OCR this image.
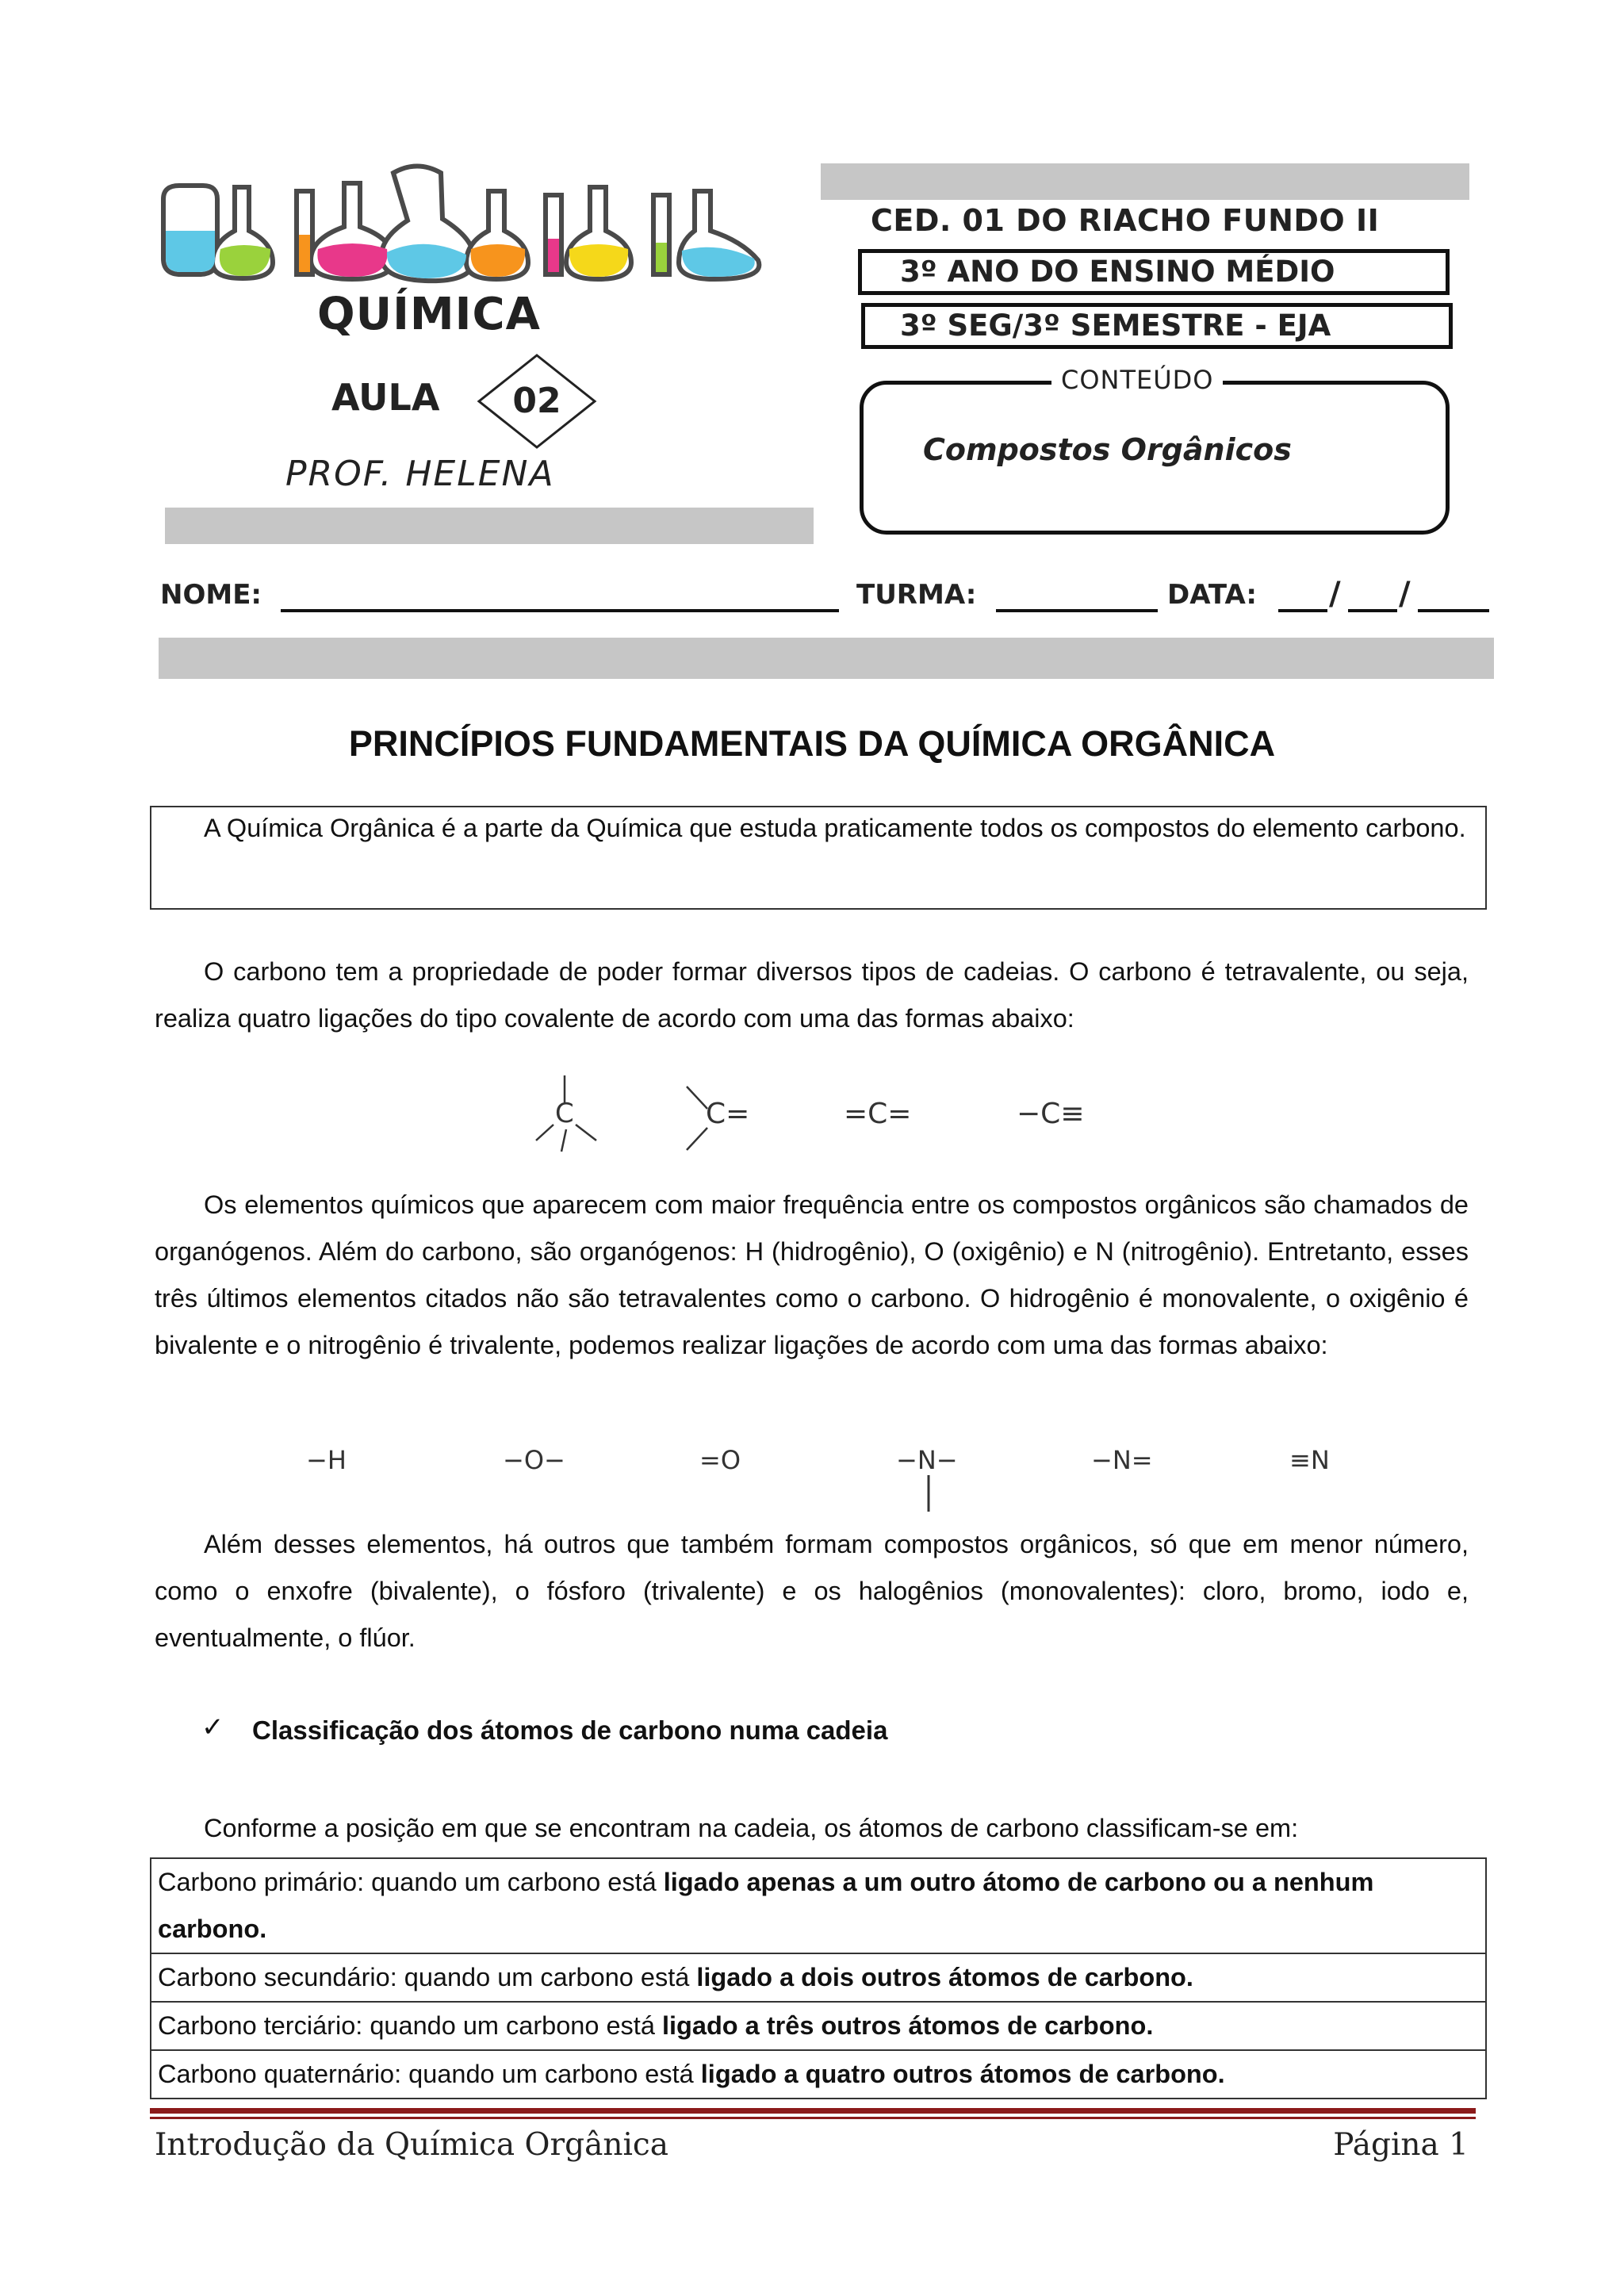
QUÍMICA
AULA	02
PROF. HELENA
CED. 01 DO RIACHO FUNDO II
3º ANO DO ENSINO MÉDIO
3º SEG/3º SEMESTRE - EJA
CONTEÚDO
Compostos Orgânicos
NOME:	TURMA:	DATA: / /
PRINCÍPIOS FUNDAMENTAIS DA QUÍMICA ORGÂNICA
A Química Orgânica é a parte da Química que estuda praticamente todos os compostos do elemento carbono.
O carbono tem a propriedade de poder formar diversos tipos de cadeias. O carbono é tetravalente, ou seja, realiza quatro ligações do tipo covalente de acordo com uma das formas abaixo:
C	C=	=C=	−C≡
Os elementos químicos que aparecem com maior frequência entre os compostos orgânicos são chamados de organógenos. Além do carbono, são organógenos: H (hidrogênio), O (oxigênio) e N (nitrogênio). Entretanto, esses três últimos elementos citados não são tetravalentes como o carbono. O hidrogênio é monovalente, o oxigênio é bivalente e o nitrogênio é trivalente, podemos realizar ligações de acordo com uma das formas abaixo:
−H	−O−	=O	−N−	−N=	≡N
Além desses elementos, há outros que também formam compostos orgânicos, só que em menor número, como o enxofre (bivalente), o fósforo (trivalente) e os halogênios (monovalentes): cloro, bromo, iodo e, eventualmente, o flúor.
✓ Classificação dos átomos de carbono numa cadeia
Conforme a posição em que se encontram na cadeia, os átomos de carbono classificam-se em:
Carbono primário: quando um carbono está ligado apenas a um outro átomo de carbono ou a nenhum carbono.
Carbono secundário: quando um carbono está ligado a dois outros átomos de carbono.
Carbono terciário: quando um carbono está ligado a três outros átomos de carbono.
Carbono quaternário: quando um carbono está ligado a quatro outros átomos de carbono.
Introdução da Química Orgânica	Página 1
